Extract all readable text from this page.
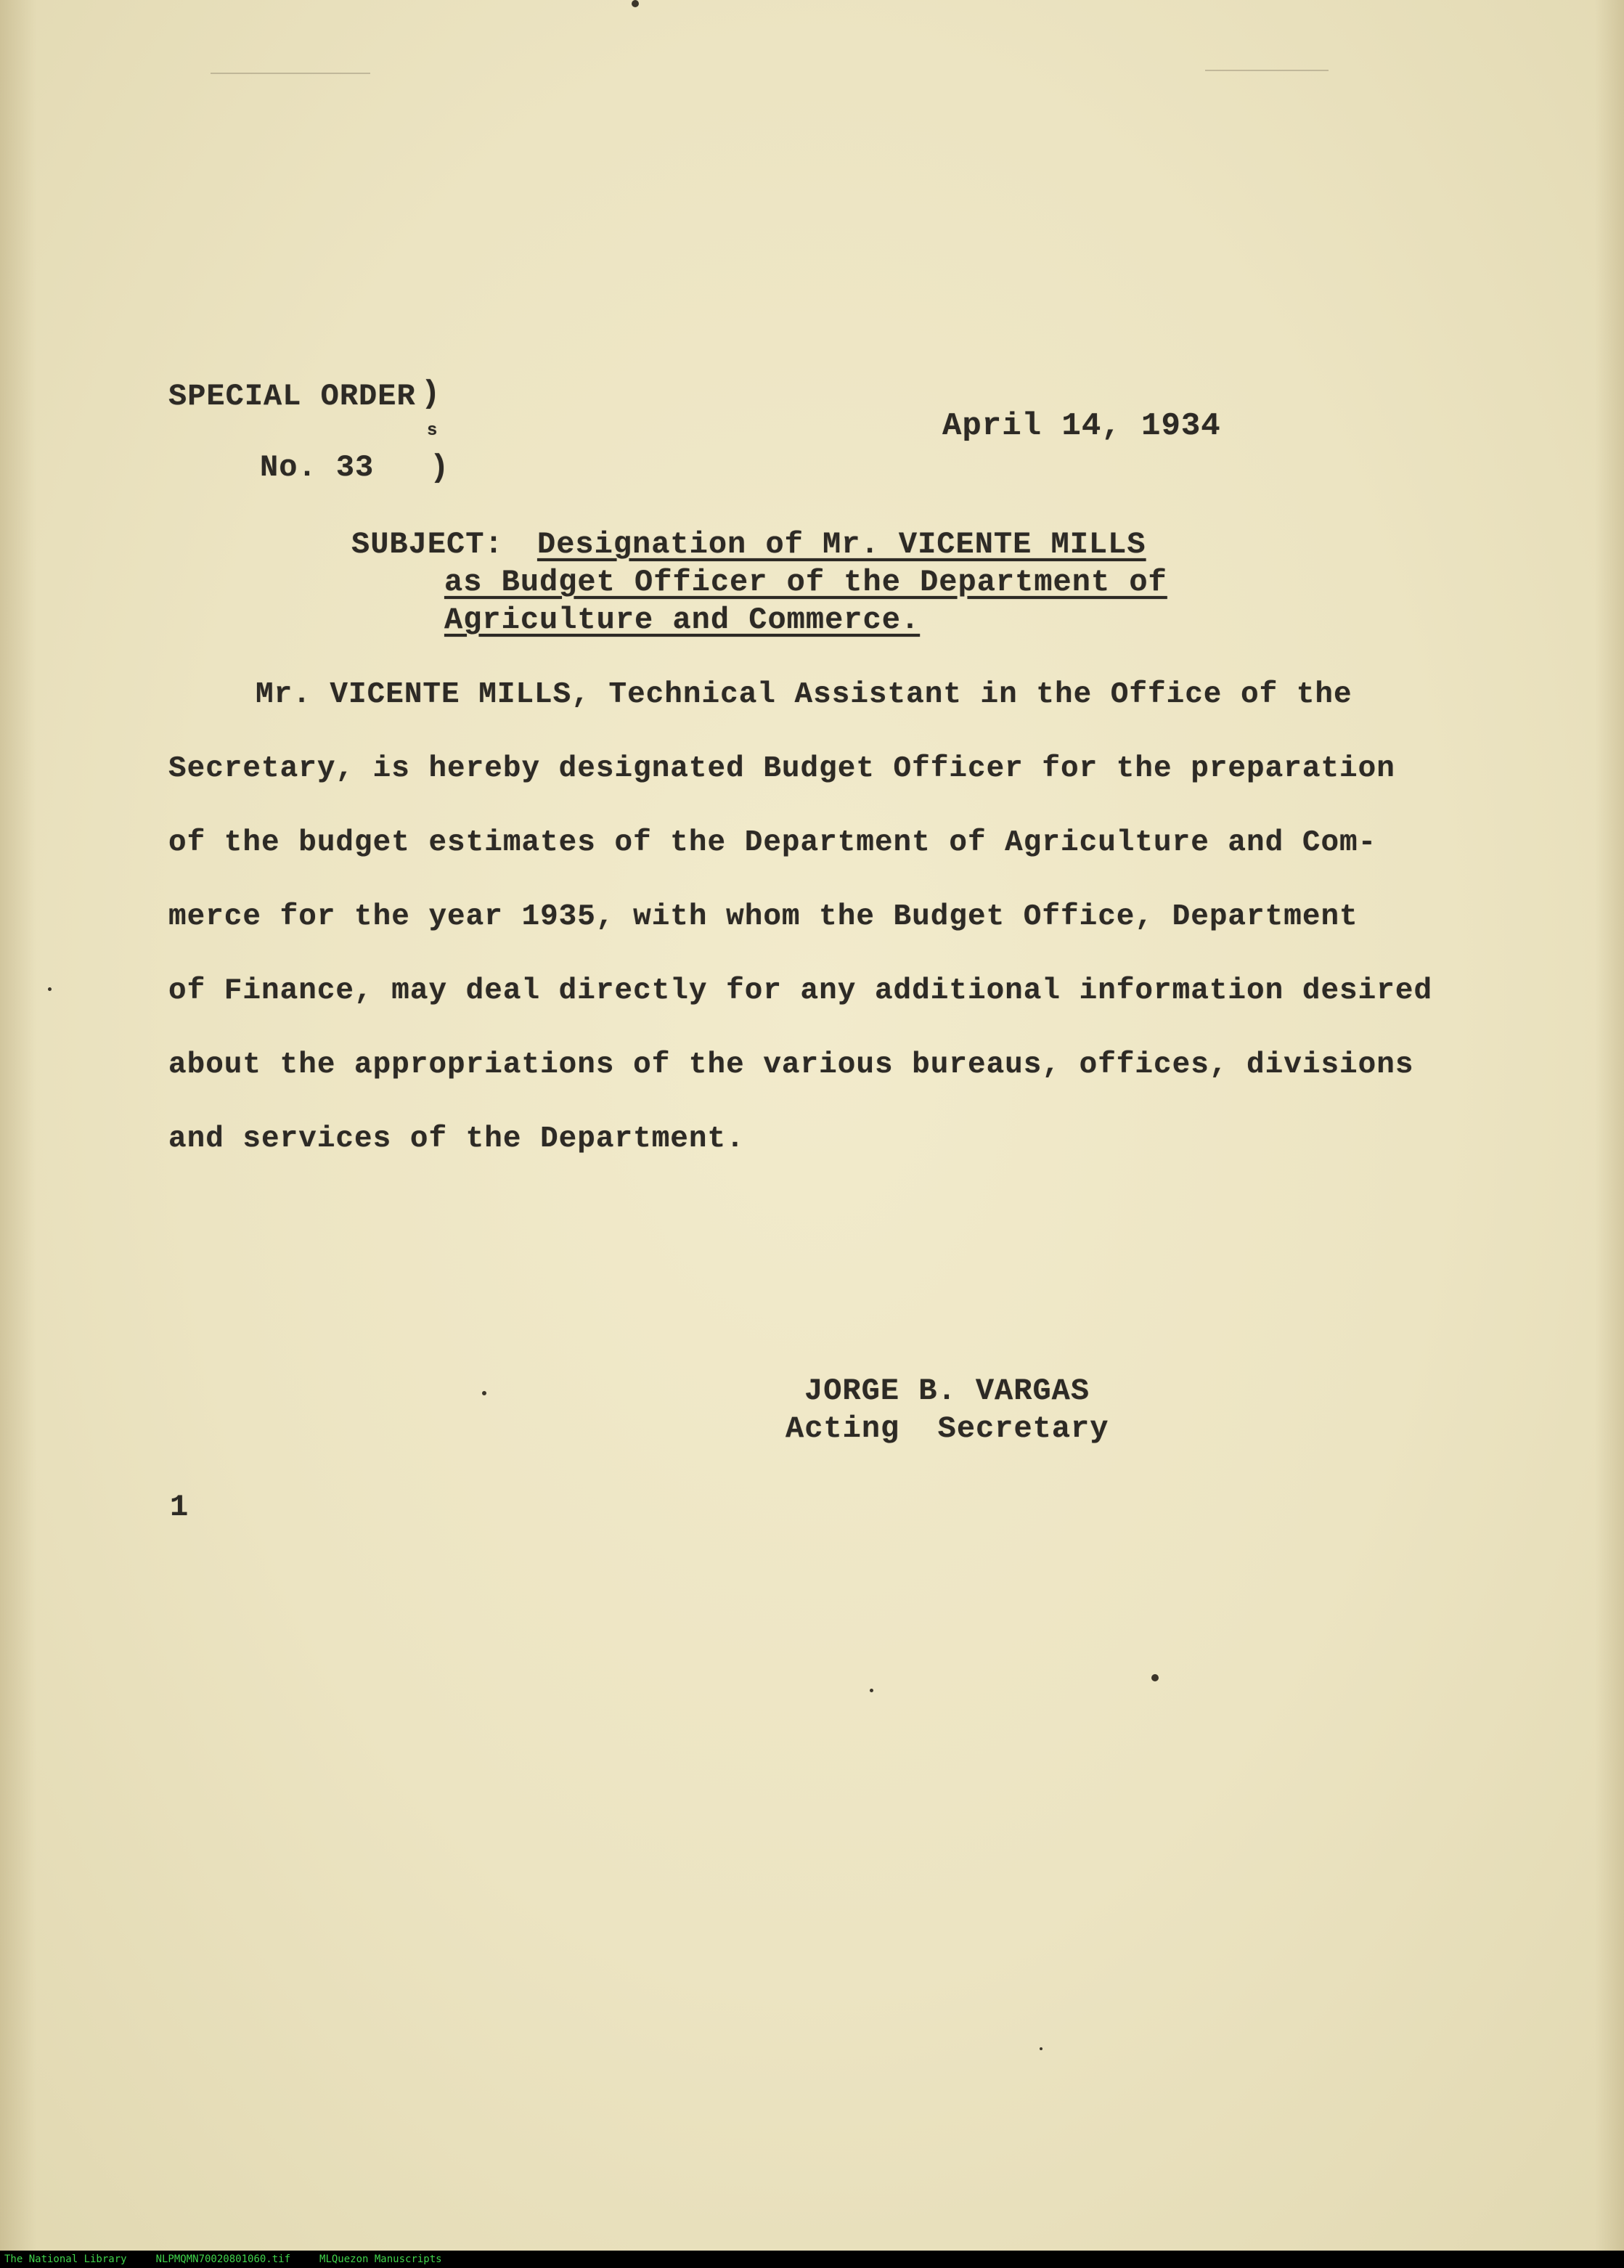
SPECIAL ORDER )
s
No. 33 )
April 14, 1934
SUBJECT: Designation of Mr. VICENTE MILLS
as Budget Officer of the Department of
Agriculture and Commerce.
Mr. VICENTE MILLS, Technical Assistant in the Office of the
Secretary, is hereby designated Budget Officer for the preparation
of the budget estimates of the Department of Agriculture and Com-
merce for the year 1935, with whom the Budget Office, Department
of Finance, may deal directly for any additional information desired
about the appropriations of the various bureaus, offices, divisions
and services of the Department.
JORGE B. VARGAS
Acting  Secretary
1
The National Library	NLPMQMN70020801060.tif	MLQuezon Manuscripts
